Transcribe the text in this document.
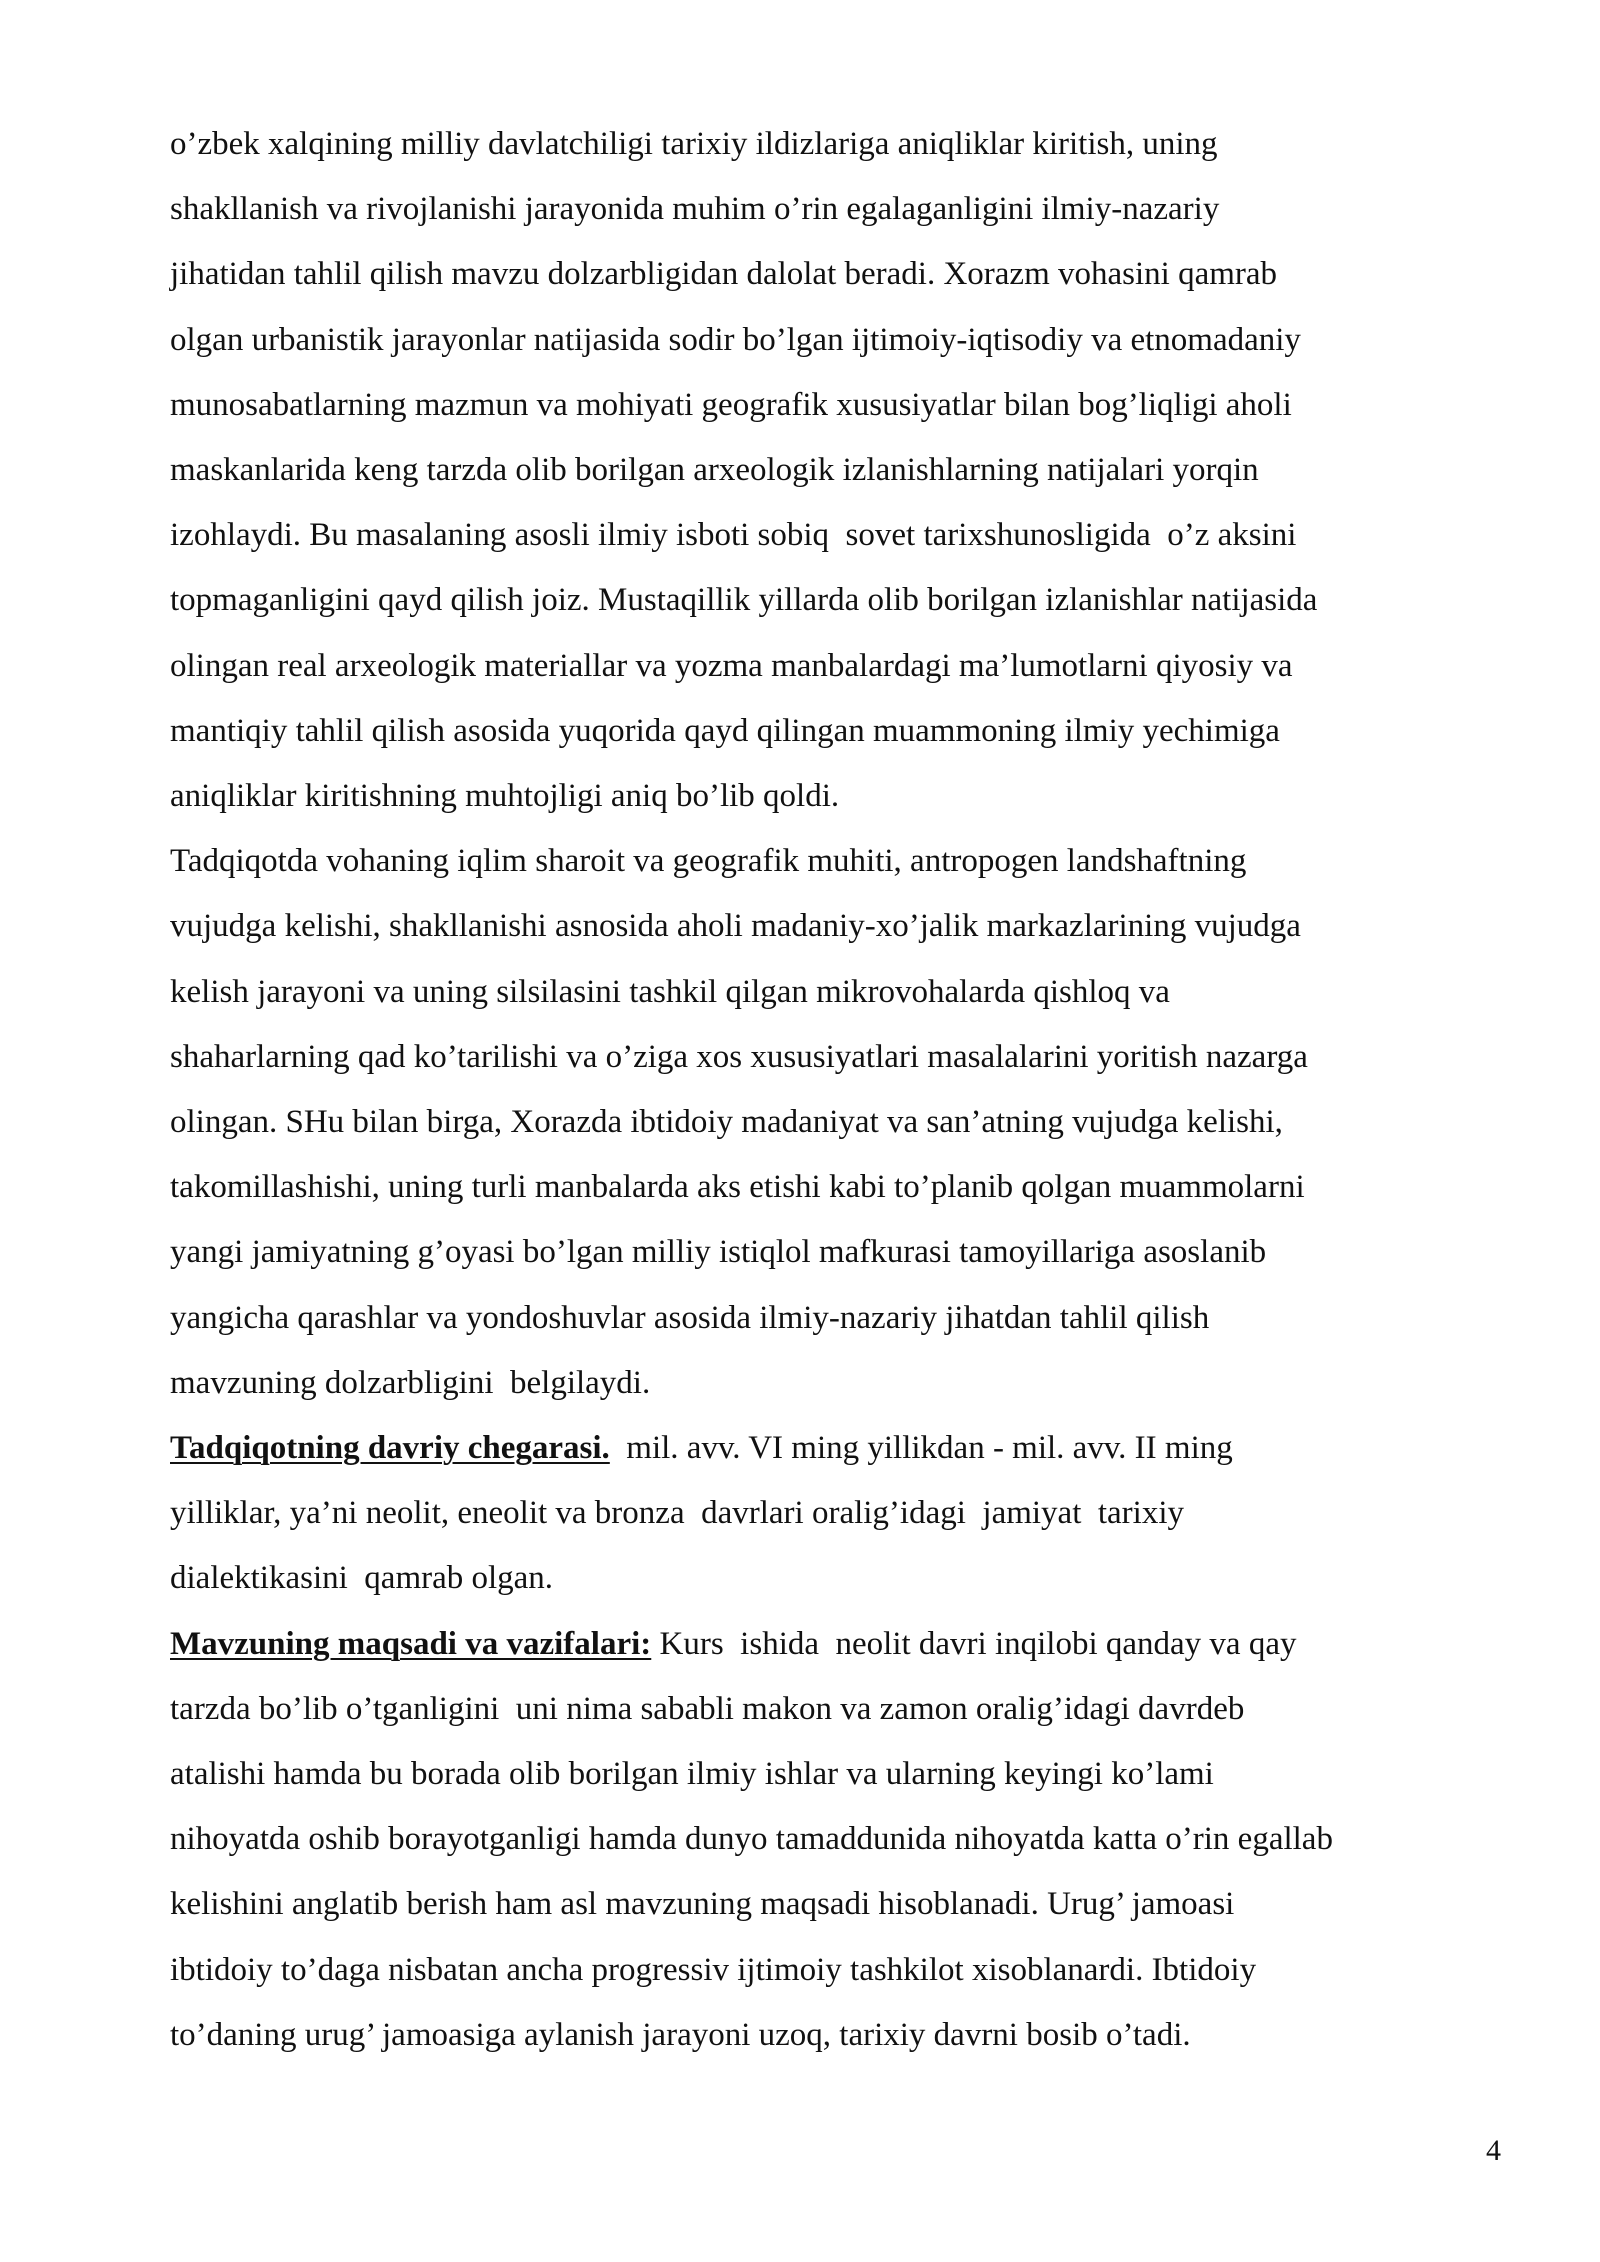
o’zbek xalqining milliy davlatchiligi tarixiy ildizlariga aniqliklar kiritish, uning
shakllanish va rivojlanishi jarayonida muhim o’rin egalaganligini ilmiy-nazariy
jihatidan tahlil qilish mavzu dolzarbligidan dalolat beradi. Xorazm vohasini qamrab
olgan urbanistik jarayonlar natijasida sodir bo’lgan ijtimoiy-iqtisodiy va etnomadaniy
munosabatlarning mazmun va mohiyati geografik xususiyatlar bilan bog’liqligi aholi
maskanlarida keng tarzda olib borilgan arxeologik izlanishlarning natijalari yorqin
izohlaydi. Bu masalaning asosli ilmiy isboti sobiq  sovet tarixshunosligida  o’z aksini
topmaganligini qayd qilish joiz. Mustaqillik yillarda olib borilgan izlanishlar natijasida
olingan real arxeologik materiallar va yozma manbalardagi ma’lumotlarni qiyosiy va
mantiqiy tahlil qilish asosida yuqorida qayd qilingan muammoning ilmiy yechimiga
aniqliklar kiritishning muhtojligi aniq bo’lib qoldi.
Tadqiqotda vohaning iqlim sharoit va geografik muhiti, antropogen landshaftning
vujudga kelishi, shakllanishi asnosida aholi madaniy-xo’jalik markazlarining vujudga
kelish jarayoni va uning silsilasini tashkil qilgan mikrovohalarda qishloq va
shaharlarning qad ko’tarilishi va o’ziga xos xususiyatlari masalalarini yoritish nazarga
olingan. SHu bilan birga, Xorazda ibtidoiy madaniyat va san’atning vujudga kelishi,
takomillashishi, uning turli manbalarda aks etishi kabi to’planib qolgan muammolarni
yangi jamiyatning g’oyasi bo’lgan milliy istiqlol mafkurasi tamoyillariga asoslanib
yangicha qarashlar va yondoshuvlar asosida ilmiy-nazariy jihatdan tahlil qilish
mavzuning dolzarbligini  belgilaydi.
Tadqiqotning davriy chegarasi.  mil. avv. VI ming yillikdan - mil. avv. II ming
yilliklar, ya’ni neolit, eneolit va bronza  davrlari oralig’idagi  jamiyat  tarixiy
dialektikasini  qamrab olgan.
Mavzuning maqsadi va vazifalari: Kurs  ishida  neolit davri inqilobi qanday va qay
tarzda bo’lib o’tganligini  uni nima sababli makon va zamon oralig’idagi davrdeb
atalishi hamda bu borada olib borilgan ilmiy ishlar va ularning keyingi ko’lami
nihoyatda oshib borayotganligi hamda dunyo tamaddunida nihoyatda katta o’rin egallab
kelishini anglatib berish ham asl mavzuning maqsadi hisoblanadi. Urug’ jamoasi
ibtidoiy to’daga nisbatan ancha progressiv ijtimoiy tashkilot xisoblanardi. Ibtidoiy
to’daning urug’ jamoasiga aylanish jarayoni uzoq, tarixiy davrni bosib o’tadi.
4
